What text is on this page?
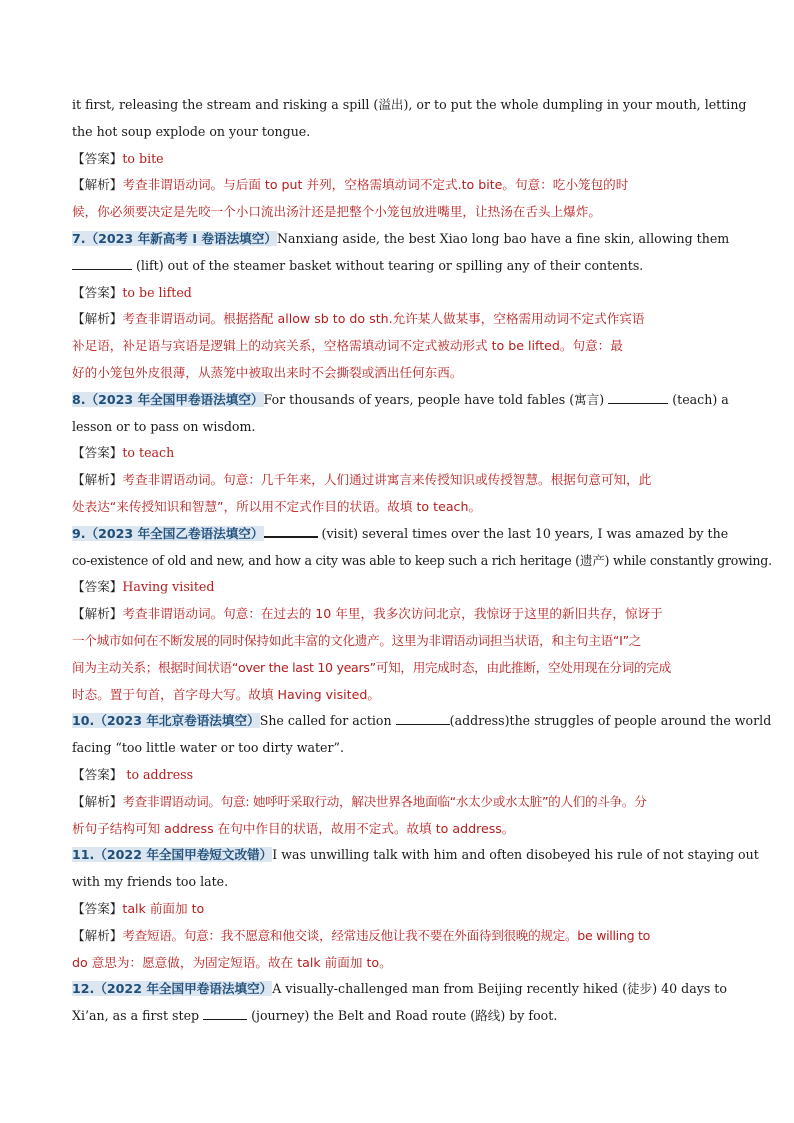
it first, releasing the stream and risking a spill (溢出), or to put the whole dumpling in your mouth, letting
the hot soup explode on your tongue.
【答案】to bite
【解析】考查非谓语动词。与后面 to put 并列，空格需填动词不定式.to bite。句意：吃小笼包的时
候，你必须要决定是先咬一个小口流出汤汁还是把整个小笼包放进嘴里，让热汤在舌头上爆炸。
7.（2023 年新高考 I 卷语法填空）Nanxiang aside, the best Xiao long bao have a fine skin, allowing them
(lift) out of the steamer basket without tearing or spilling any of their contents.
【答案】to be lifted
【解析】考查非谓语动词。根据搭配 allow sb to do sth.允许某人做某事，空格需用动词不定式作宾语
补足语，补足语与宾语是逻辑上的动宾关系，空格需填动词不定式被动形式 to be lifted。句意：最
好的小笼包外皮很薄，从蒸笼中被取出来时不会撕裂或洒出任何东西。
8.（2023 年全国甲卷语法填空）For thousands of years, people have told fables (寓言)	(teach) a
lesson or to pass on wisdom.
【答案】to teach
【解析】考查非谓语动词。句意：几千年来，人们通过讲寓言来传授知识或传授智慧。根据句意可知，此
处表达“来传授知识和智慧”，所以用不定式作目的状语。故填 to teach。
9.（2023 年全国乙卷语法填空）	(visit) several times over the last 10 years, I was amazed by the
co-existence of old and new, and how a city was able to keep such a rich heritage (遗产) while constantly growing.
【答案】Having visited
【解析】考查非谓语动词。句意：在过去的 10 年里，我多次访问北京，我惊讶于这里的新旧共存，惊讶于
一个城市如何在不断发展的同时保持如此丰富的文化遗产。这里为非谓语动词担当状语，和主句主语“I”之
间为主动关系；根据时间状语“over the last 10 years”可知，用完成时态，由此推断，空处用现在分词的完成
时态。置于句首，首字母大写。故填 Having visited。
10.（2023 年北京卷语法填空）She called for action	(address)the struggles of people around the world
facing “too little water or too dirty water”.
【答案】 to address
【解析】考查非谓语动词。句意: 她呼吁采取行动，解决世界各地面临“水太少或水太脏”的人们的斗争。分
析句子结构可知 address 在句中作目的状语，故用不定式。故填 to address。
11.（2022 年全国甲卷短文改错）I was unwilling talk with him and often disobeyed his rule of not staying out
with my friends too late.
【答案】talk 前面加 to
【解析】考查短语。句意：我不愿意和他交谈，经常违反他让我不要在外面待到很晚的规定。be willing to
do 意思为：愿意做，为固定短语。故在 talk 前面加 to。
12.（2022 年全国甲卷语法填空）A visually-challenged man from Beijing recently hiked (徒步) 40 days to
Xi’an, as a first step	(journey) the Belt and Road route (路线) by foot.
